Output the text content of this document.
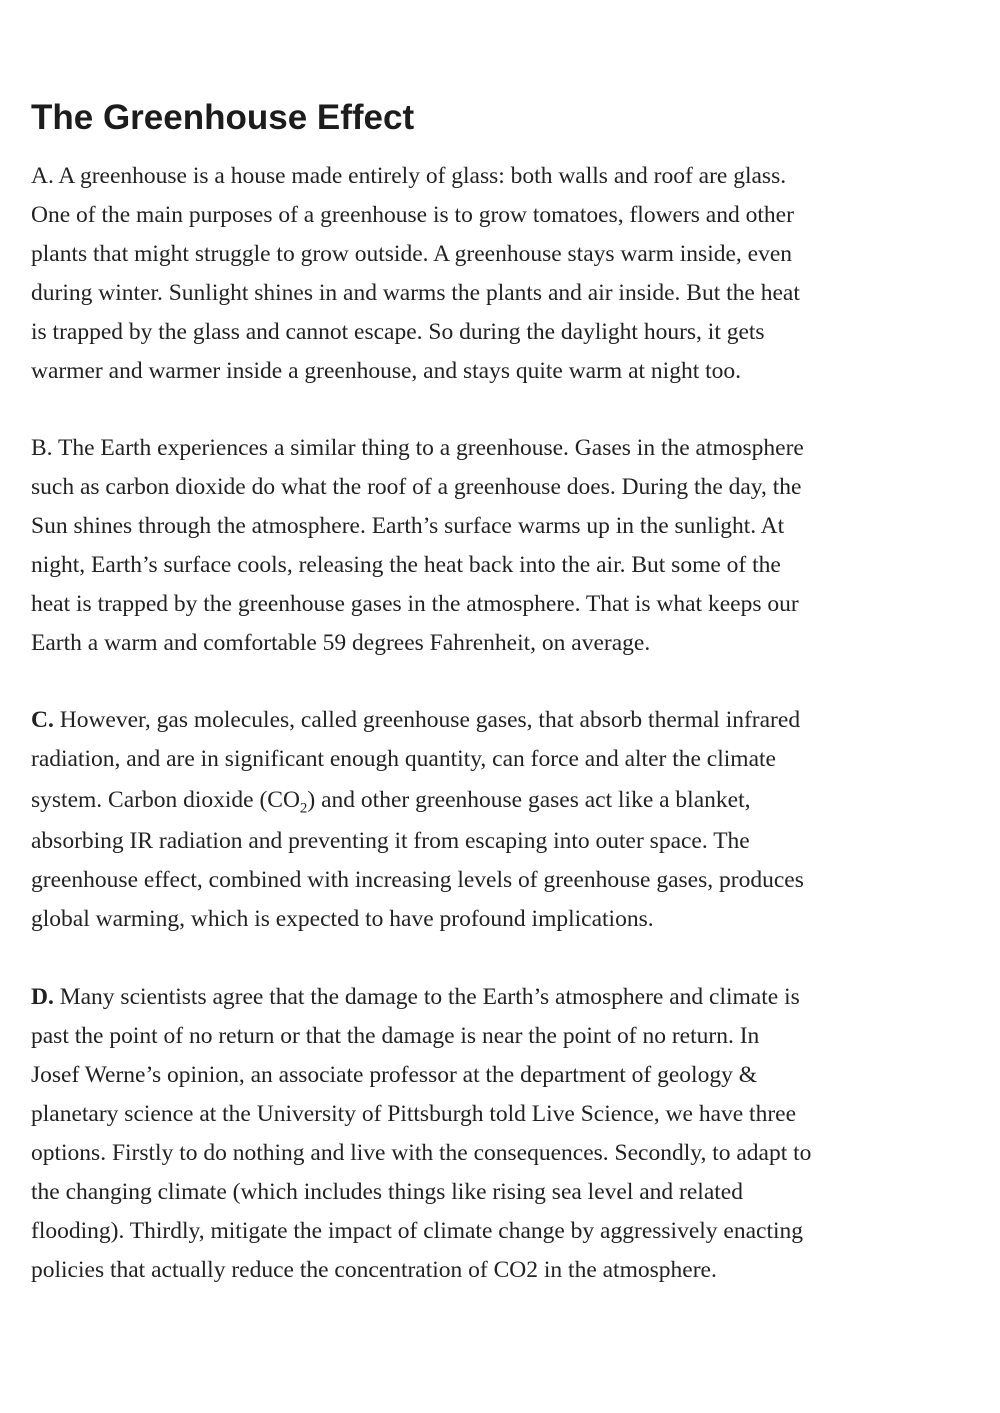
The Greenhouse Effect

A. A greenhouse is a house made entirely of glass: both walls and roof are glass.
One of the main purposes of a greenhouse is to grow tomatoes, flowers and other
plants that might struggle to grow outside. A greenhouse stays warm inside, even
during winter. Sunlight shines in and warms the plants and air inside. But the heat
is trapped by the glass and cannot escape. So during the daylight hours, it gets
warmer and warmer inside a greenhouse, and stays quite warm at night too.

B. The Earth experiences a similar thing to a greenhouse. Gases in the atmosphere
such as carbon dioxide do what the roof of a greenhouse does. During the day, the
Sun shines through the atmosphere. Earth’s surface warms up in the sunlight. At
night, Earth’s surface cools, releasing the heat back into the air. But some of the
heat is trapped by the greenhouse gases in the atmosphere. That is what keeps our
Earth a warm and comfortable 59 degrees Fahrenheit, on average.

C. However, gas molecules, called greenhouse gases, that absorb thermal infrared
radiation, and are in significant enough quantity, can force and alter the climate
system. Carbon dioxide $(CO_2)$ and other greenhouse gases act like a blanket,
absorbing IR radiation and preventing it from escaping into outer space. The
greenhouse effect, combined with increasing levels of greenhouse gases, produces
global warming, which is expected to have profound implications.

D. Many scientists agree that the damage to the Earth’s atmosphere and climate is
past the point of no return or that the damage is near the point of no return. In
Josef Werne’s opinion, an associate professor at the department of geology &
planetary science at the University of Pittsburgh told Live Science, we have three
options. Firstly to do nothing and live with the consequences. Secondly, to adapt to
the changing climate (which includes things like rising sea level and related
flooding). Thirdly, mitigate the impact of climate change by aggressively enacting
policies that actually reduce the concentration of CO2 in the atmosphere.
